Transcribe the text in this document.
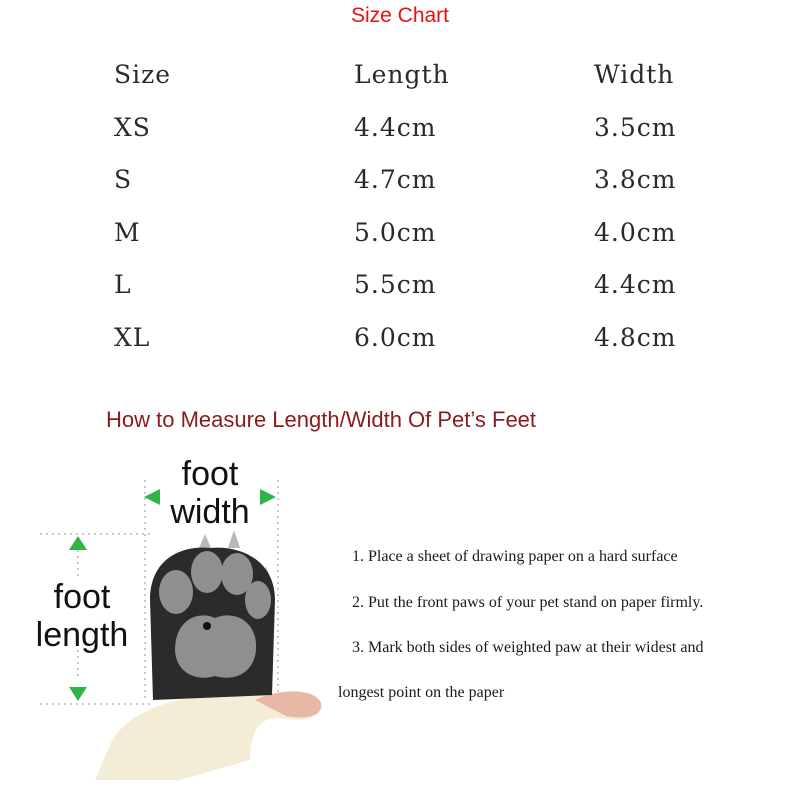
Size Chart
Size	Length	Width
XS	4.4cm	3.5cm
S	4.7cm	3.8cm
M	5.0cm	4.0cm
L	5.5cm	4.4cm
XL	6.0cm	4.8cm
How to Measure Length/Width Of Pet’s Feet
foot width
foot length
1. Place a sheet of drawing paper on a hard surface
2. Put the front paws of your pet stand on paper firmly.
3. Mark both sides of weighted paw at their widest and
longest point on the paper
